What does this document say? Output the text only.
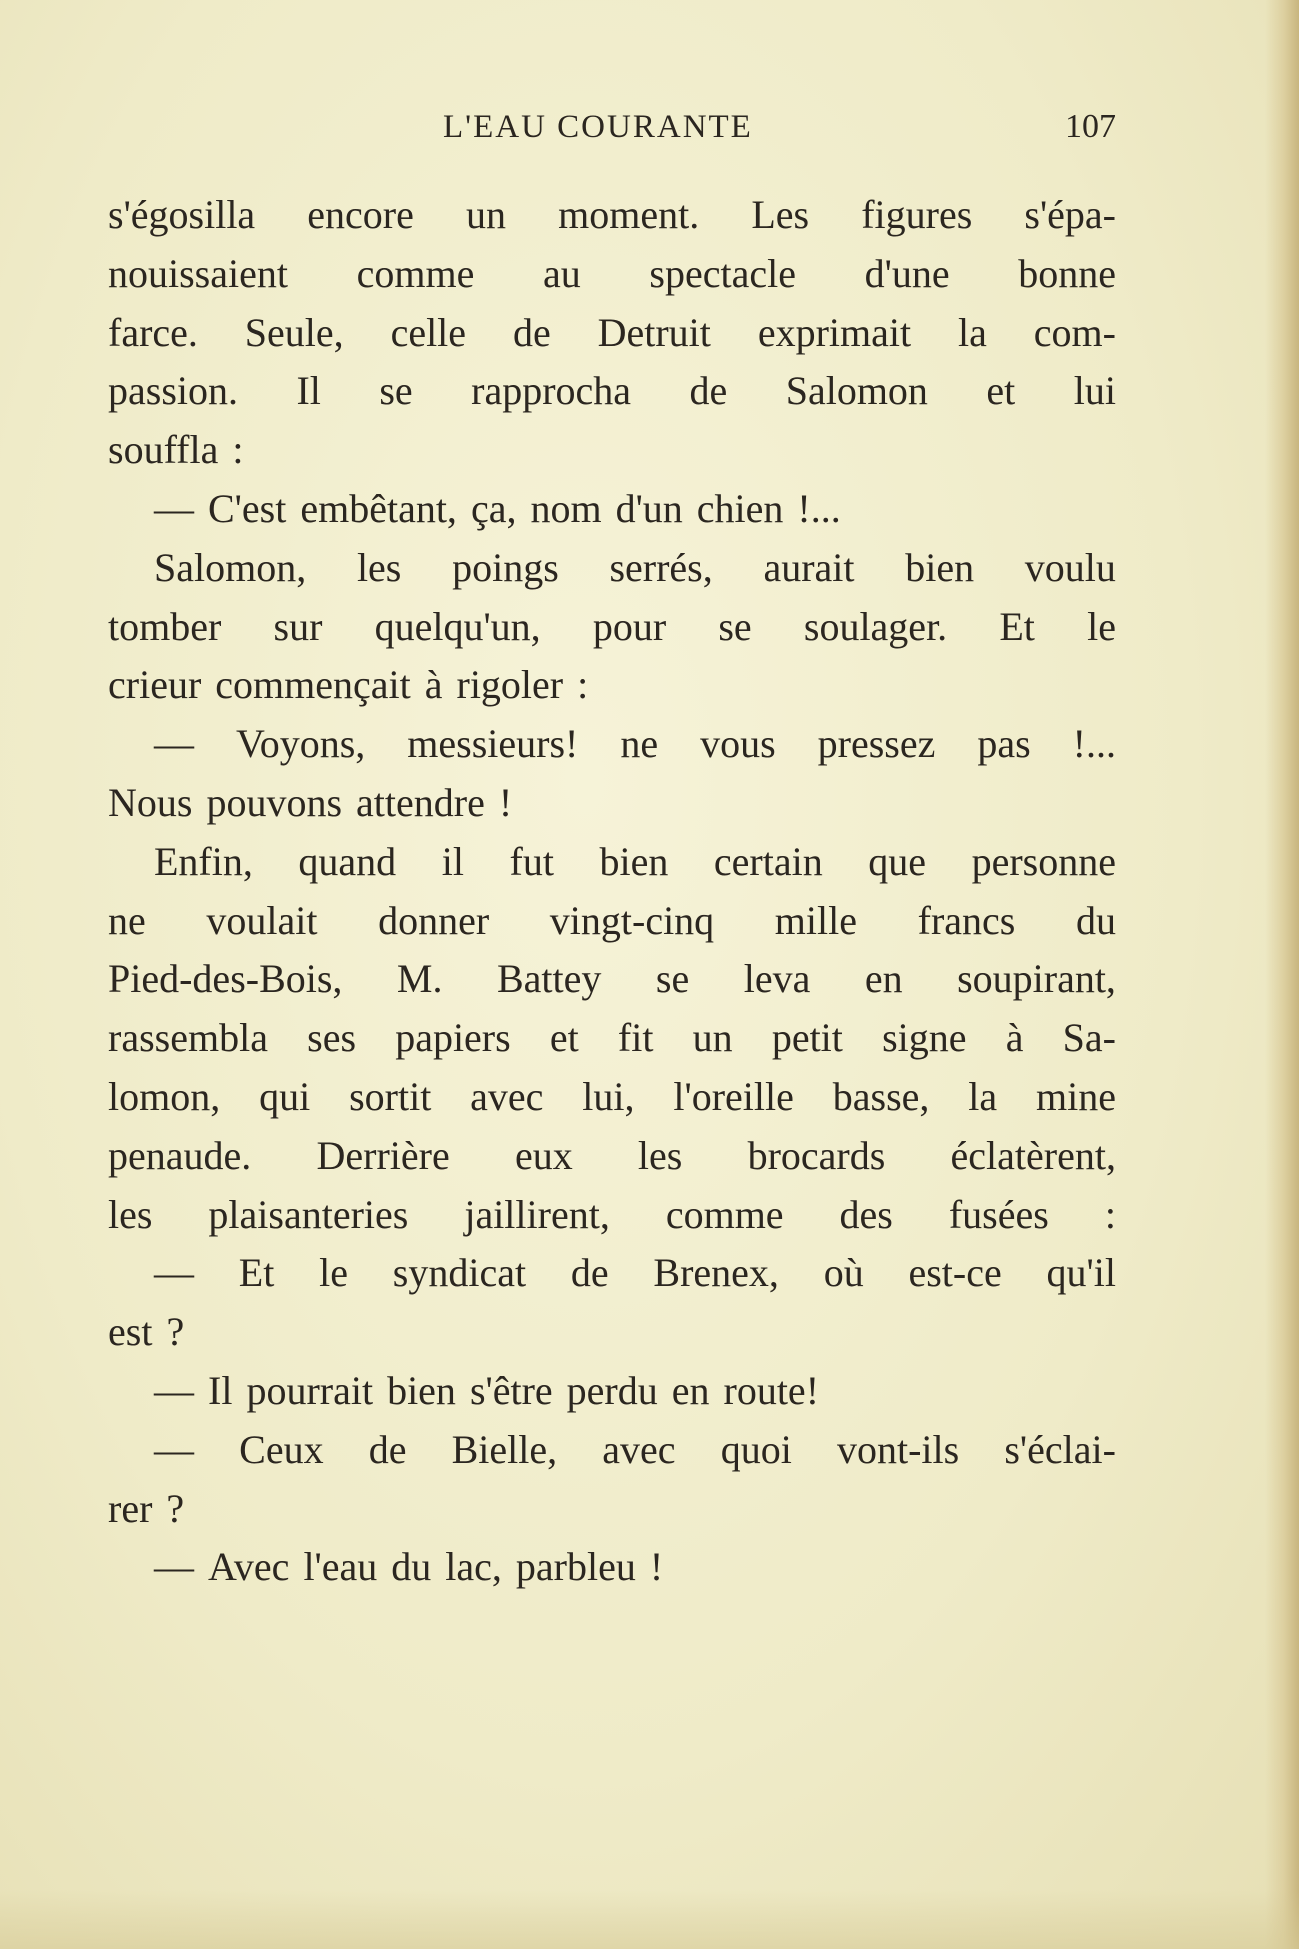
L'EAU COURANTE	107
s'égosilla encore un moment. Les figures s'épa-
nouissaient comme au spectacle d'une bonne
farce. Seule, celle de Detruit exprimait la com-
passion. Il se rapprocha de Salomon et lui
souffla :
— C'est embêtant, ça, nom d'un chien !...
Salomon, les poings serrés, aurait bien voulu
tomber sur quelqu'un, pour se soulager. Et le
crieur commençait à rigoler :
— Voyons, messieurs! ne vous pressez pas !...
Nous pouvons attendre !
Enfin, quand il fut bien certain que personne
ne voulait donner vingt-cinq mille francs du
Pied-des-Bois, M. Battey se leva en soupirant,
rassembla ses papiers et fit un petit signe à Sa-
lomon, qui sortit avec lui, l'oreille basse, la mine
penaude. Derrière eux les brocards éclatèrent,
les plaisanteries jaillirent, comme des fusées :
— Et le syndicat de Brenex, où est-ce qu'il
est ?
— Il pourrait bien s'être perdu en route!
— Ceux de Bielle, avec quoi vont-ils s'éclai-
rer ?
— Avec l'eau du lac, parbleu !
